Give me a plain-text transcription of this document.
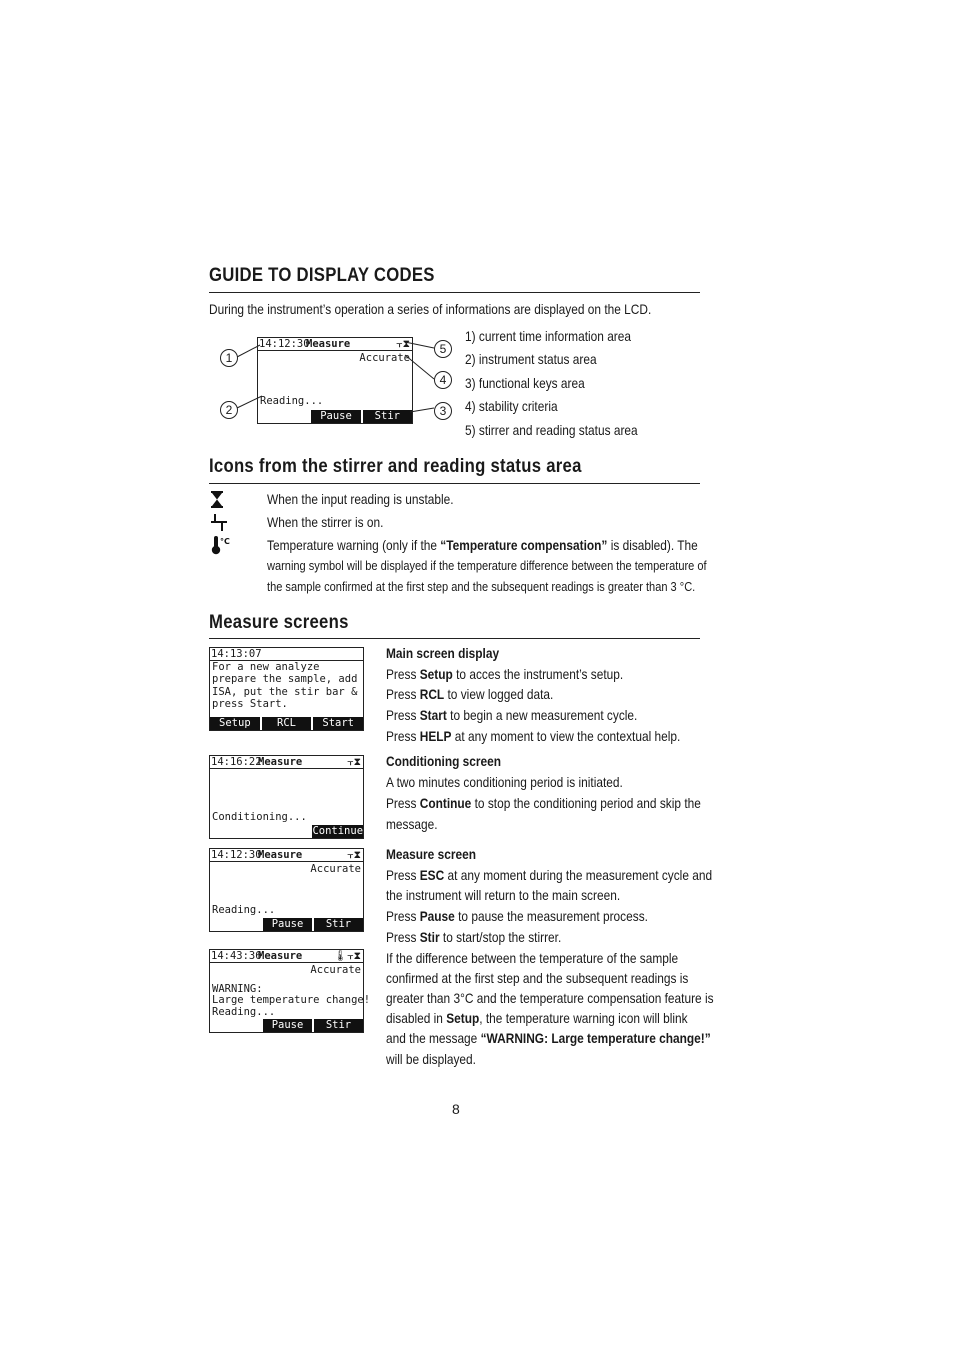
GUIDE TO DISPLAY CODES
During the instrument’s operation a series of informations are displayed on the LCD.
14:12:30
Measure	⫟⧗
Accurate
Reading...
Pause	Stir
1
2	3
4
5
1) current time information area
2) instrument status area
3) functional keys area
4) stability criteria
5) stirrer and reading status area
Icons from the stirrer and reading status area
When the input reading is unstable.
When the stirrer is on.
°C	Temperature warning (only if the “Temperature compensation” is disabled). The
warning symbol will be displayed if the temperature difference between the temperature of
the sample confirmed at the first step and the subsequent readings is greater than 3 °C.
Measure screens
14:13:07
For a new analyze
prepare the sample, add
ISA, put the stir bar &
press Start.
Setup	RCL	Start
Main screen display
Press Setup to acces the instrument’s setup.
Press RCL to view logged data.
Press Start to begin a new measurement cycle.
Press HELP at any moment to view the contextual help.
14:16:22
Measure	⫟⧗
Conditioning...
Continue
Conditioning screen
A two minutes conditioning period is initiated.
Press Continue to stop the conditioning period and skip the
message.
14:12:30
Measure	⫟⧗
Accurate
Reading...
Pause	Stir
14:43:36
Measure	🌡⫟⧗
Accurate
WARNING:
Large temperature change!
Reading...
Pause	Stir
Measure screen
Press ESC at any moment during the measurement cycle and
the instrument will return to the main screen.
Press Pause to pause the measurement process.
Press Stir to start/stop the stirrer.
If the difference between the temperature of the sample
confirmed at the first step and the subsequent readings is
greater than 3°C and the temperature compensation feature is
disabled in Setup, the temperature warning icon will blink
and the message “WARNING: Large temperature change!”
will be displayed.
8
